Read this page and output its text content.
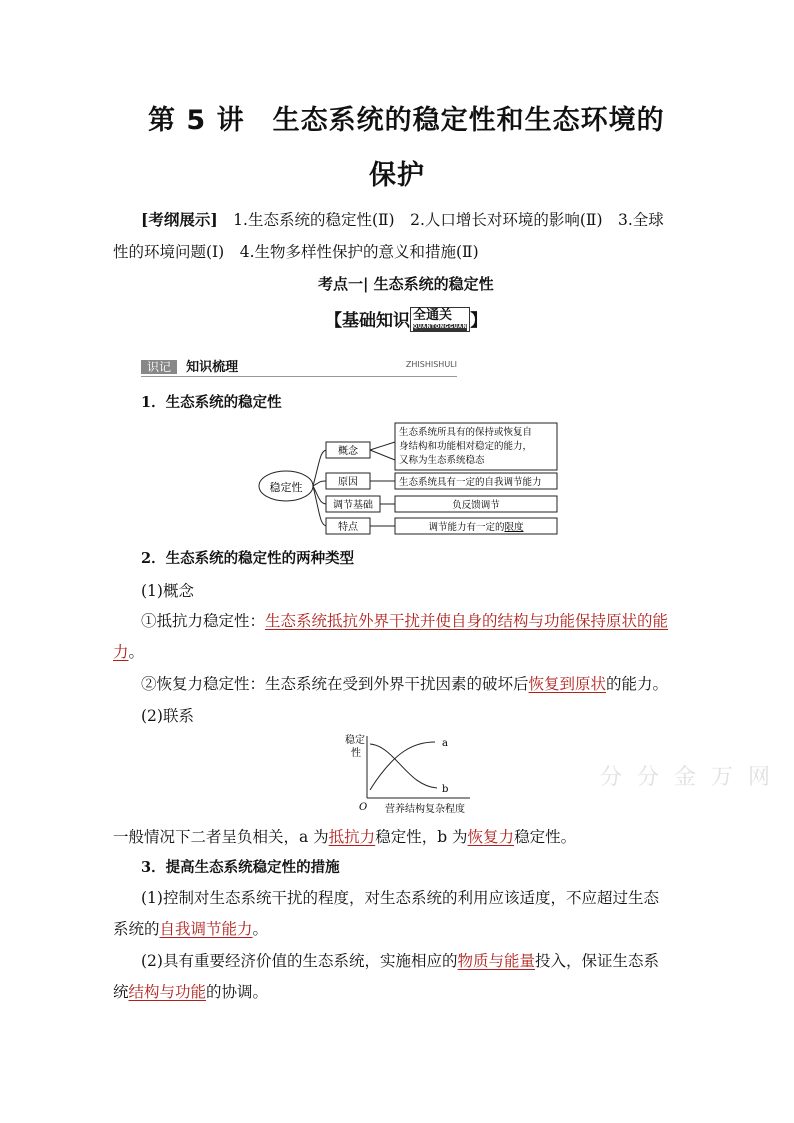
第 5 讲　生态系统的稳定性和生态环境的
保护
[考纲展示]　1.生态系统的稳定性(Ⅱ)　2.人口增长对环境的影响(Ⅱ)　3.全球
性的环境问题(Ⅰ)　4.生物多样性保护的意义和措施(Ⅱ)
考点一| 生态系统的稳定性
【基础知识 全通关
QUANTONGGUAN 】
识记 知识梳理	ZHISHISHULI
1．生态系统的稳定性
稳定性
概念
原因
调节基础
特点
生态系统所具有的保持或恢复自
身结构和功能相对稳定的能力，
又称为生态系统稳态
生态系统具有一定的自我调节能力
负反馈调节
调节能力有一定的限度
2．生态系统的稳定性的两种类型
(1)概念
①抵抗力稳定性：生态系统抵抗外界干扰并使自身的结构与功能保持原状的能
力。
②恢复力稳定性：生态系统在受到外界干扰因素的破坏后恢复到原状的能力。
(2)联系
稳定
性
O 营养结构复杂程度
a
b	分 分 金 万 网
一般情况下二者呈负相关，a 为抵抗力稳定性，b 为恢复力稳定性。
3．提高生态系统稳定性的措施
(1)控制对生态系统干扰的程度，对生态系统的利用应该适度，不应超过生态
系统的自我调节能力。
(2)具有重要经济价值的生态系统，实施相应的物质与能量投入，保证生态系
统结构与功能的协调。
